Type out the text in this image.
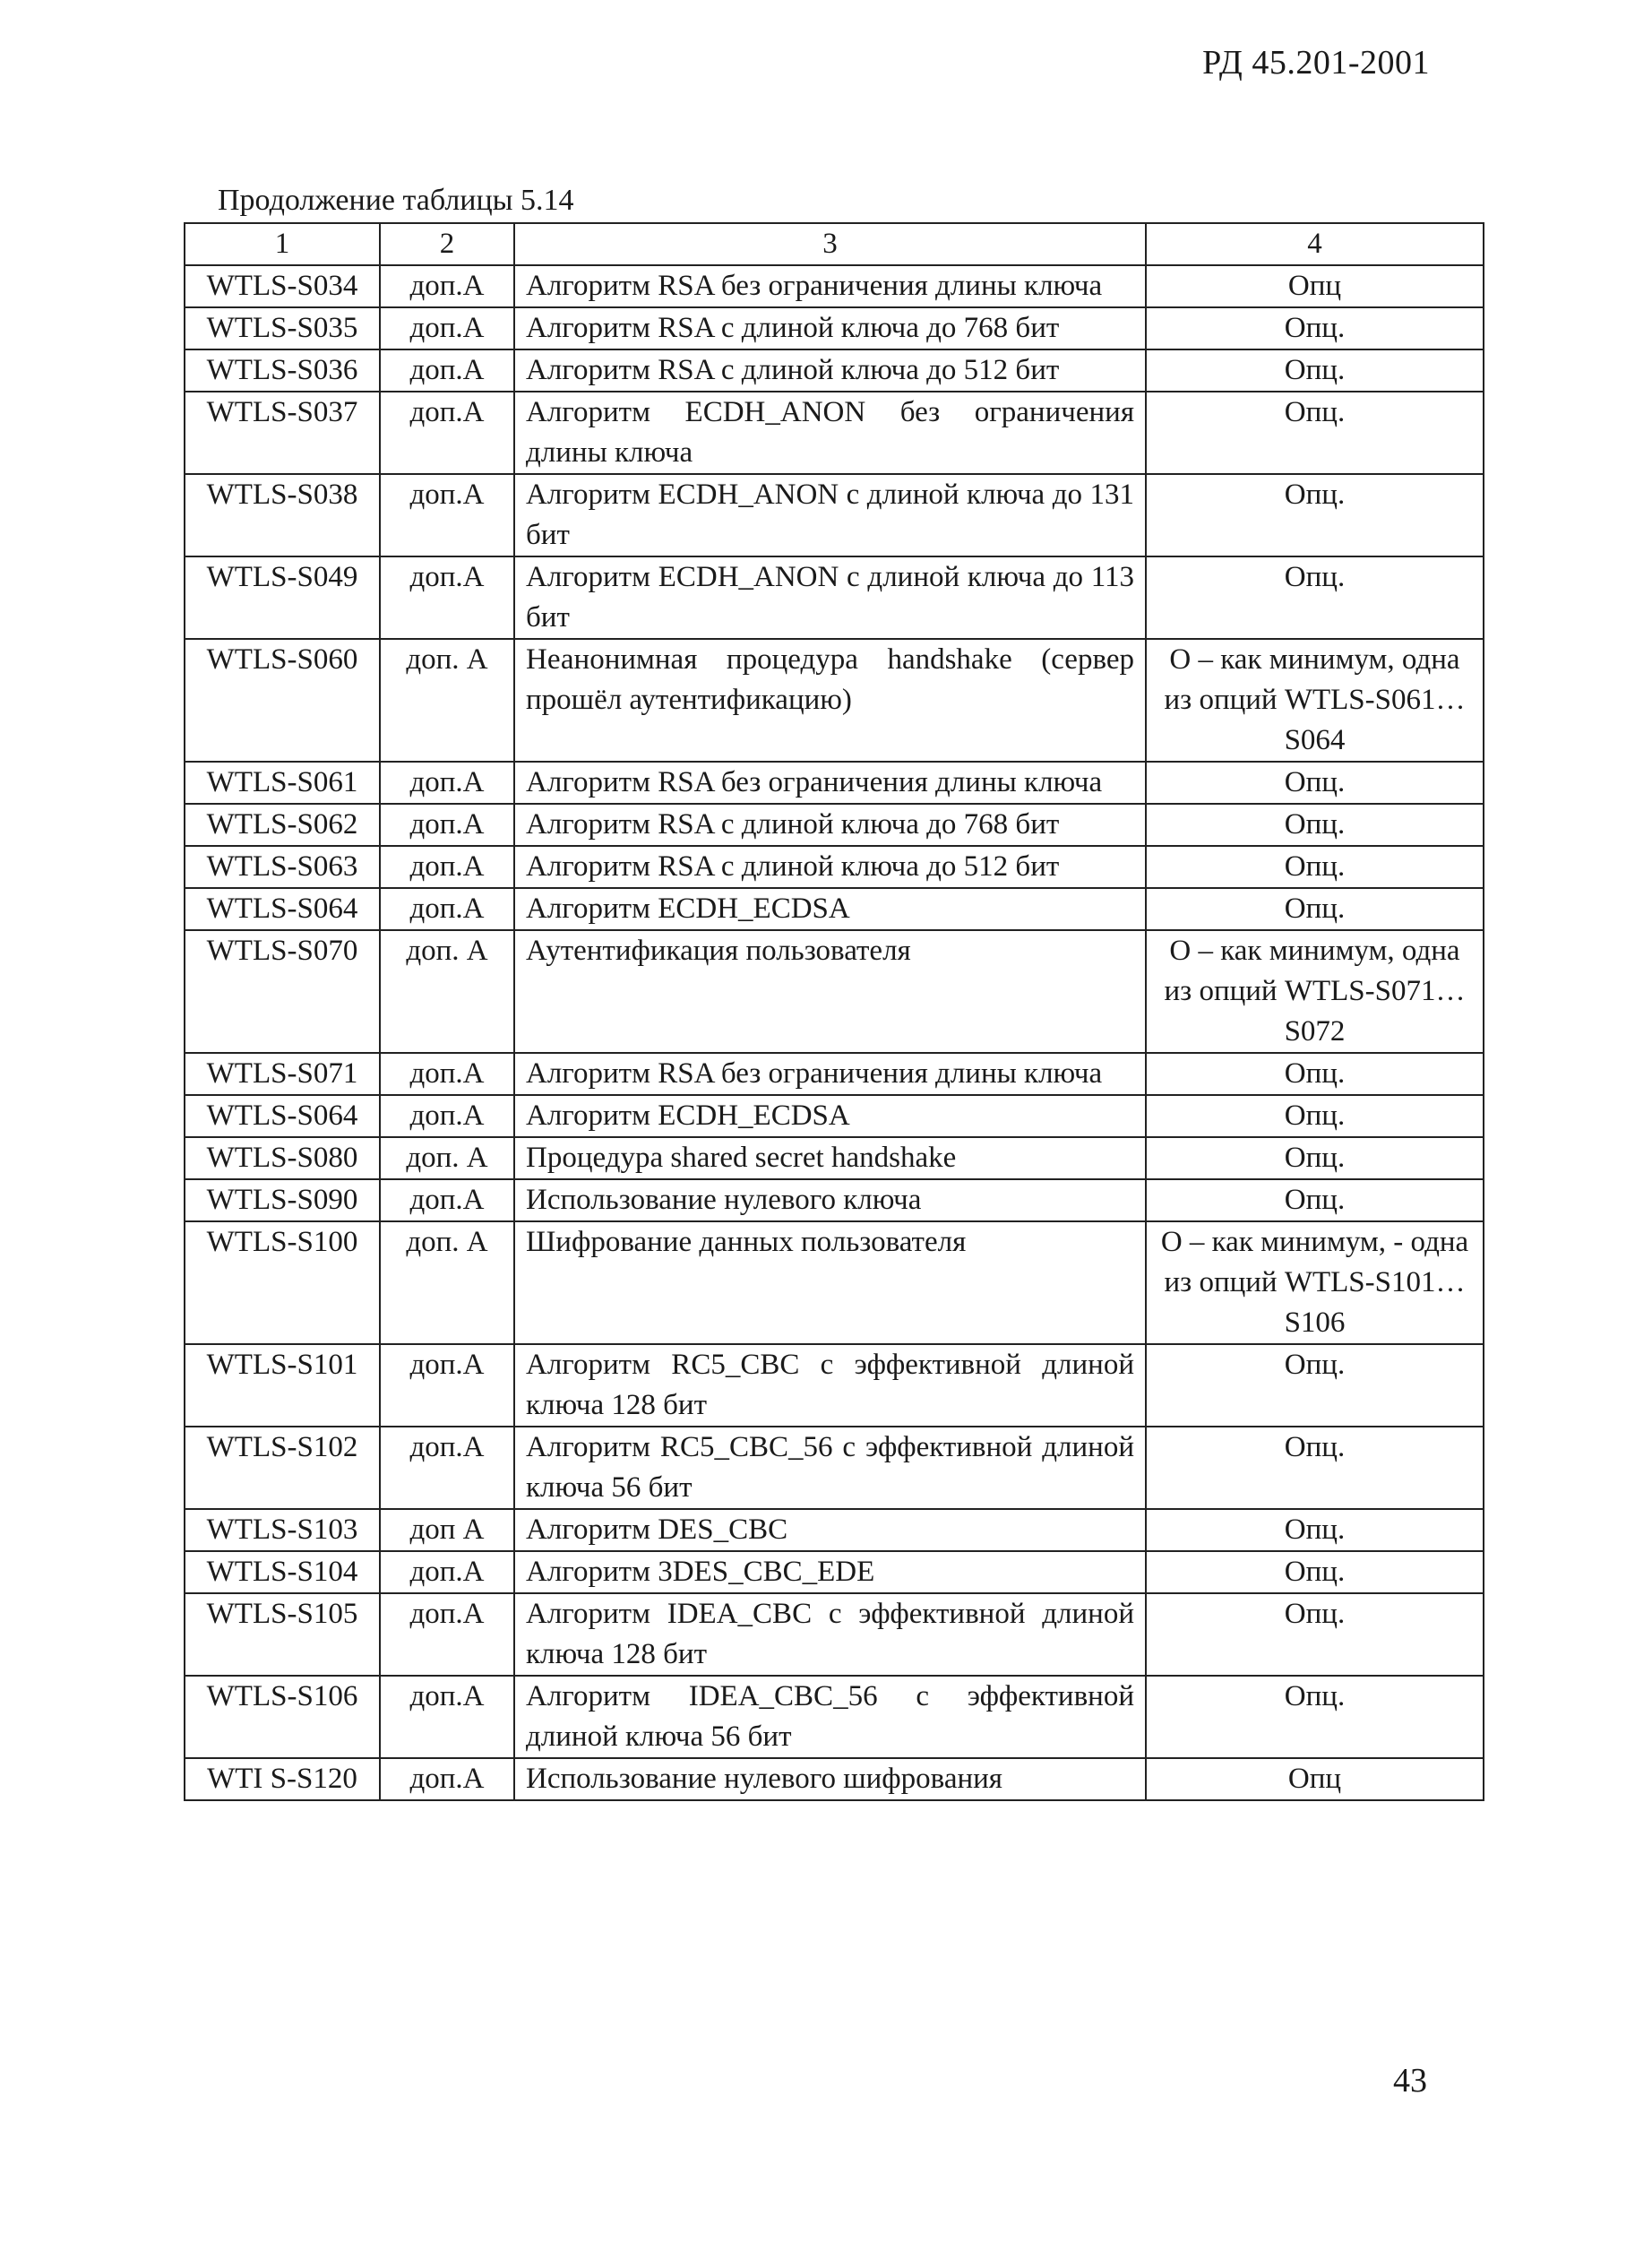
РД 45.201-2001
Продолжение таблицы 5.14
1	2	3	4
WTLS-S034	доп.А	Алгоритм RSA без ограничения длины ключа	Опц
WTLS-S035	доп.А	Алгоритм RSA с длиной ключа до 768 бит	Опц.
WTLS-S036	доп.А	Алгоритм RSA с длиной ключа до 512 бит	Опц.
WTLS-S037	доп.А	Алгоритм ECDH_ANON без ограничения длины ключа	Опц.
WTLS-S038	доп.А	Алгоритм ECDH_ANON с длиной ключа до 131 бит	Опц.
WTLS-S049	доп.А	Алгоритм ECDH_ANON с длиной ключа до 113 бит	Опц.
WTLS-S060	доп. А	Неанонимная процедура handshake (сервер прошёл аутентификацию)	О – как минимум, одна из опций WTLS-S061…S064
WTLS-S061	доп.А	Алгоритм RSA без ограничения длины ключа	Опц.
WTLS-S062	доп.А	Алгоритм RSA с длиной ключа до 768 бит	Опц.
WTLS-S063	доп.А	Алгоритм RSA с длиной ключа до 512 бит	Опц.
WTLS-S064	доп.А	Алгоритм ECDH_ECDSA	Опц.
WTLS-S070	доп. А	Аутентификация пользователя	О – как минимум, одна из опций WTLS-S071…S072
WTLS-S071	доп.А	Алгоритм RSA без ограничения длины ключа	Опц.
WTLS-S064	доп.А	Алгоритм ECDH_ECDSA	Опц.
WTLS-S080	доп. А	Процедура shared secret handshake	Опц.
WTLS-S090	доп.А	Использование нулевого ключа	Опц.
WTLS-S100	доп. А	Шифрование данных пользователя	О – как минимум, - одна из опций WTLS-S101…S106
WTLS-S101	доп.А	Алгоритм RC5_CBC с эффективной длиной ключа 128 бит	Опц.
WTLS-S102	доп.А	Алгоритм RC5_CBC_56 с эффективной длиной ключа 56 бит	Опц.
WTLS-S103	доп А	Алгоритм DES_CBC	Опц.
WTLS-S104	доп.А	Алгоритм 3DES_CBC_EDE	Опц.
WTLS-S105	доп.А	Алгоритм IDEA_CBC с эффективной длиной ключа 128 бит	Опц.
WTLS-S106	доп.А	Алгоритм IDEA_CBC_56 с эффективной длиной ключа 56 бит	Опц.
WTI S-S120	доп.А	Использование нулевого шифрования	Опц
43
